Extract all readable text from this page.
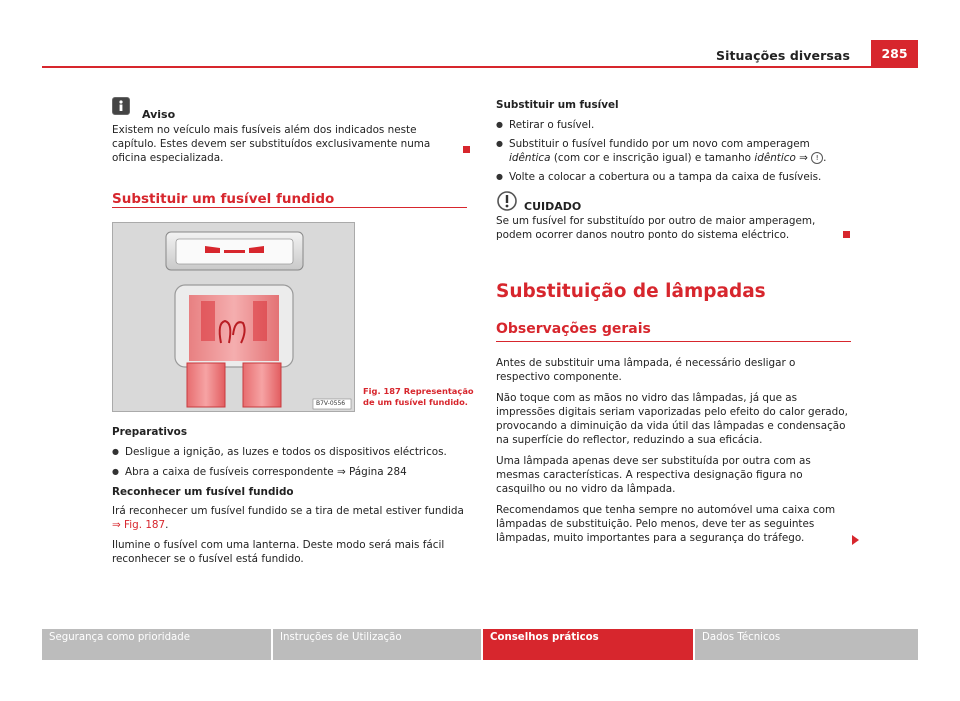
Situações diversas	285
Aviso

Existem no veículo mais fusíveis além dos indicados neste capítulo. Estes devem ser substituídos exclusivamente numa oficina especializada.

Substituir um fusível fundido
B7V-0556
Fig. 187 Representação
de um fusível fundido.

Preparativos

● Desligue a ignição, as luzes e todos os dispositivos eléctricos.

● Abra a caixa de fusíveis correspondente ⇒ Página 284

Reconhecer um fusível fundido

Irá reconhecer um fusível fundido se a tira de metal estiver fundida

⇒ Fig. 187.

Ilumine o fusível com uma lanterna. Deste modo será mais fácil reconhecer se o fusível está fundido.

Substituir um fusível

● Retirar o fusível.

● Substituir o fusível fundido por um novo com amperagem idêntica (com cor e inscrição igual) e tamanho idêntico ⇒ ! .

● Volte a colocar a cobertura ou a tampa da caixa de fusíveis.

CUIDADO

Se um fusível for substituído por outro de maior amperagem, podem ocorrer danos noutro ponto do sistema eléctrico.

Substituição de lâmpadas
Observações gerais

Antes de substituir uma lâmpada, é necessário desligar o respectivo componente.

Não toque com as mãos no vidro das lâmpadas, já que as impressões digitais seriam vaporizadas pelo efeito do calor gerado, provocando a diminuição da vida útil das lâmpadas e condensação na superfície do reflector, reduzindo a sua eficácia.

Uma lâmpada apenas deve ser substituída por outra com as mesmas características. A respectiva designação figura no casquilho ou no vidro da lâmpada.

Recomendamos que tenha sempre no automóvel uma caixa com lâmpadas de substituição. Pelo menos, deve ter as seguintes lâmpadas, muito importantes para a segurança do tráfego.

Segurança como prioridade	Instruções de Utilização	Conselhos práticos	Dados Técnicos
